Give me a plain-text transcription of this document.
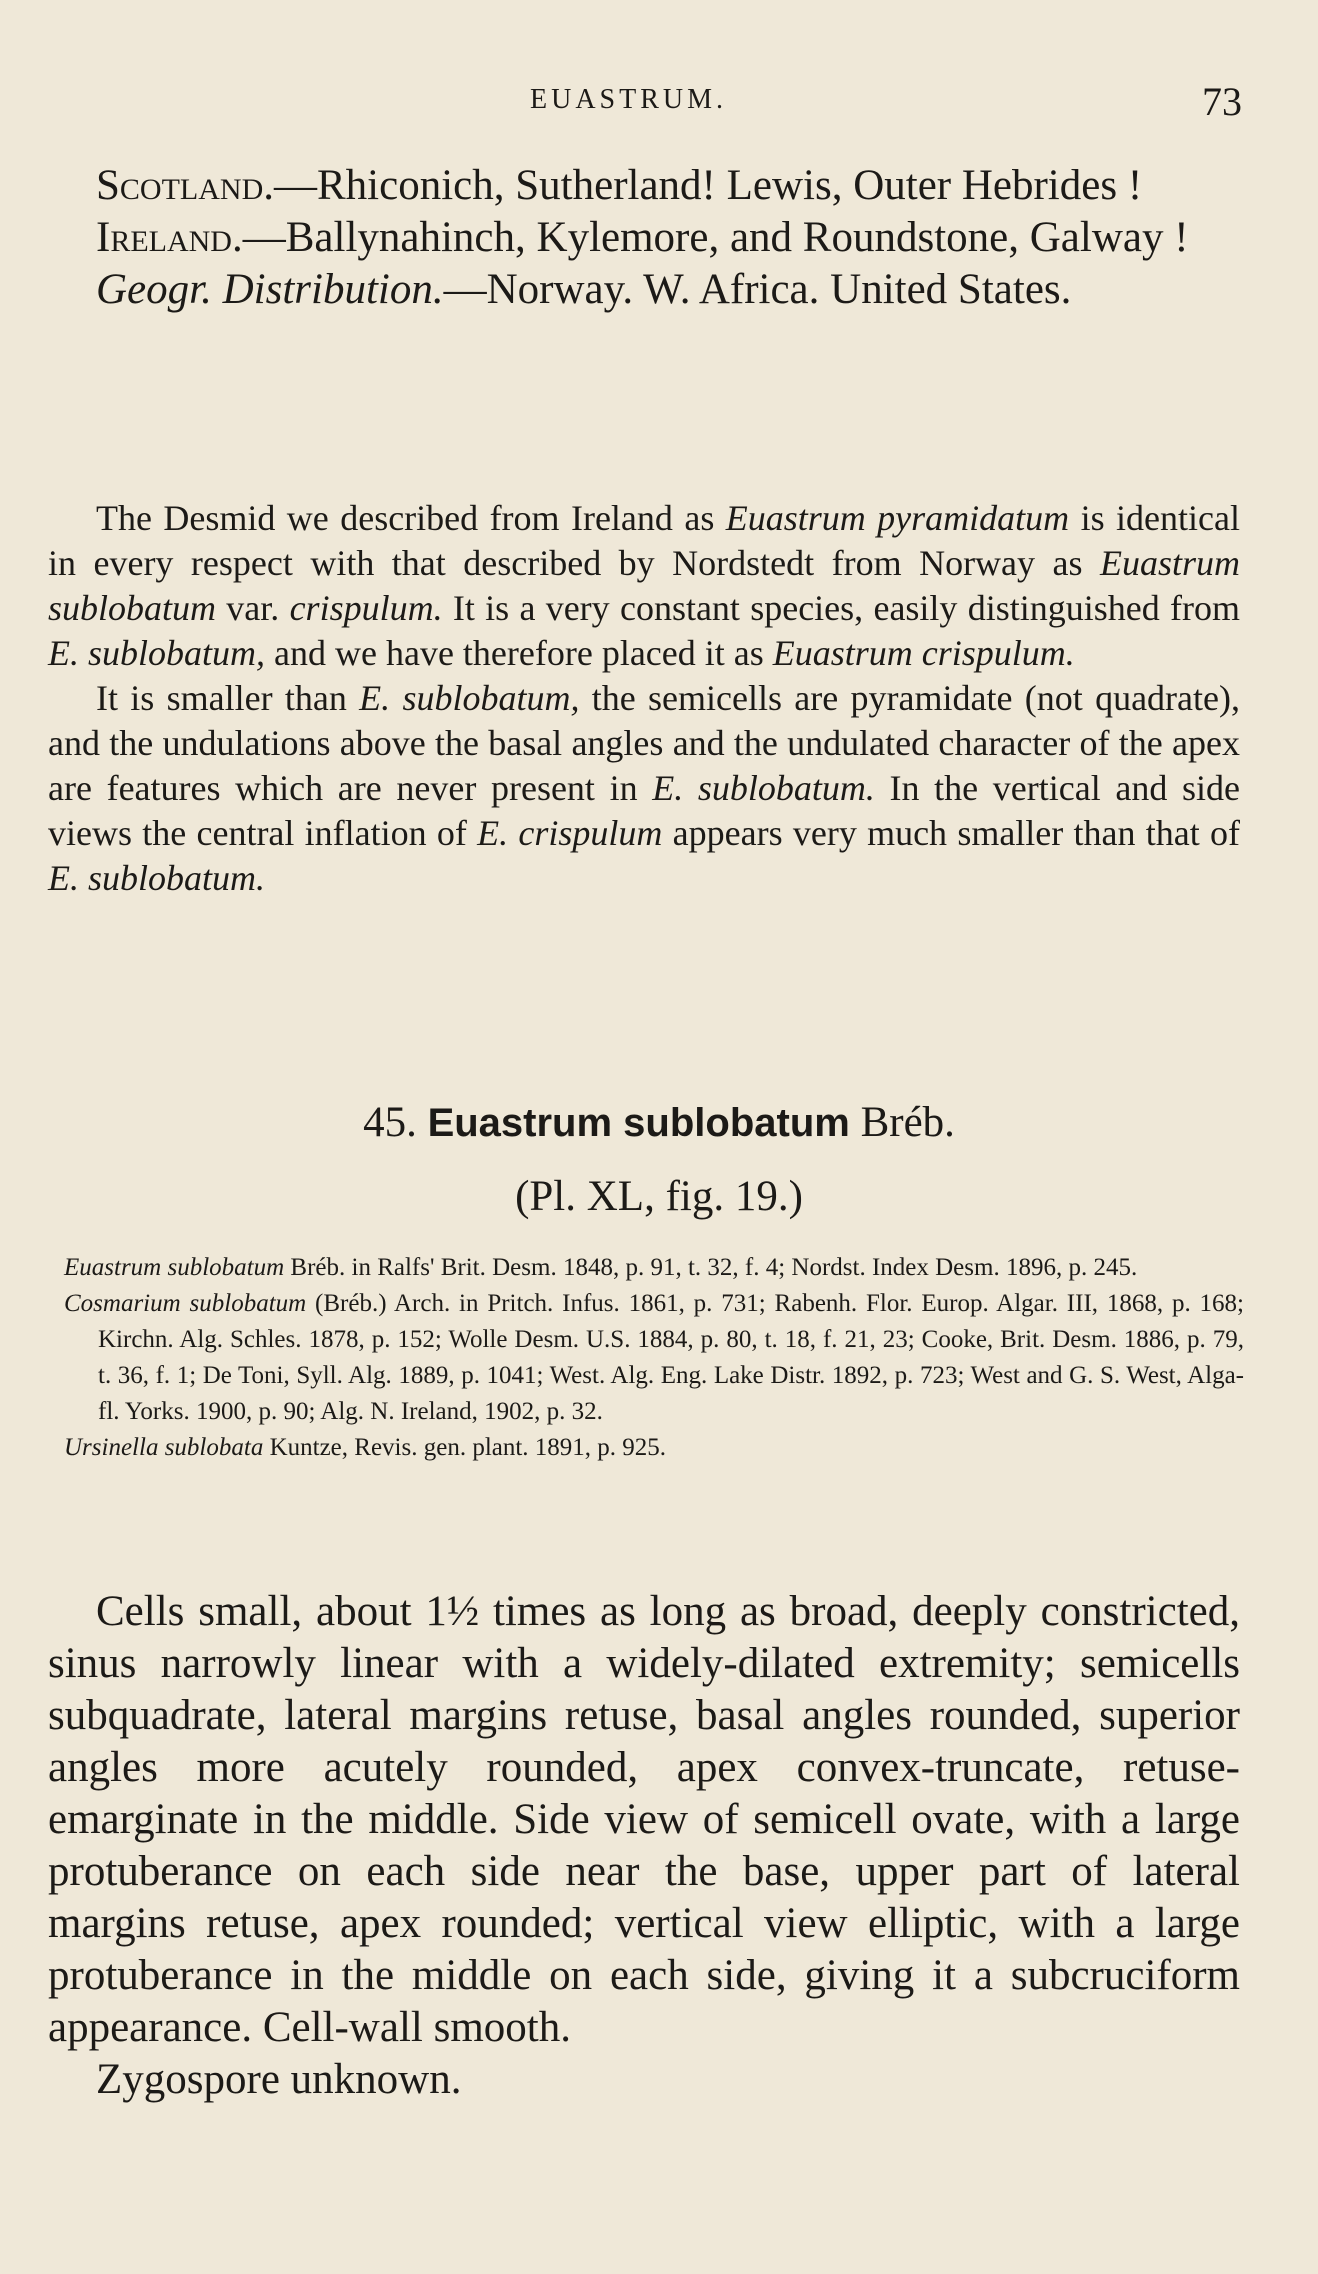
EUASTRUM.	73

Scotland.—Rhiconich, Sutherland! Lewis, Outer Hebrides !

Ireland.—Ballynahinch, Kylemore, and Roundstone, Galway !

Geogr. Distribution.—Norway. W. Africa. United States.

The Desmid we described from Ireland as Euastrum pyramidatum is identical in every respect with that described by Nordstedt from Norway as Euastrum sublobatum var. crispulum. It is a very constant species, easily distinguished from E. sublobatum, and we have therefore placed it as Euastrum crispulum.

It is smaller than E. sublobatum, the semicells are pyramidate (not quadrate), and the undulations above the basal angles and the undulated character of the apex are features which are never present in E. sublobatum. In the vertical and side views the central inflation of E. crispulum appears very much smaller than that of E. sublobatum.

45. Euastrum sublobatum Bréb.
(Pl. XL, fig. 19.)

Euastrum sublobatum Bréb. in Ralfs' Brit. Desm. 1848, p. 91, t. 32, f. 4; Nordst. Index Desm. 1896, p. 245.

Cosmarium sublobatum (Bréb.) Arch. in Pritch. Infus. 1861, p. 731; Rabenh. Flor. Europ. Algar. III, 1868, p. 168; Kirchn. Alg. Schles. 1878, p. 152; Wolle Desm. U.S. 1884, p. 80, t. 18, f. 21, 23; Cooke, Brit. Desm. 1886, p. 79, t. 36, f. 1; De Toni, Syll. Alg. 1889, p. 1041; West. Alg. Eng. Lake Distr. 1892, p. 723; West and G. S. West, Alga-fl. Yorks. 1900, p. 90; Alg. N. Ireland, 1902, p. 32.

Ursinella sublobata Kuntze, Revis. gen. plant. 1891, p. 925.

Cells small, about 1½ times as long as broad, deeply constricted, sinus narrowly linear with a widely-dilated extremity; semicells subquadrate, lateral margins retuse, basal angles rounded, superior angles more acutely rounded, apex convex-truncate, retuse-emarginate in the middle. Side view of semicell ovate, with a large protuberance on each side near the base, upper part of lateral margins retuse, apex rounded; vertical view elliptic, with a large protuberance in the middle on each side, giving it a subcruciform appearance. Cell-wall smooth.

Zygospore unknown.
